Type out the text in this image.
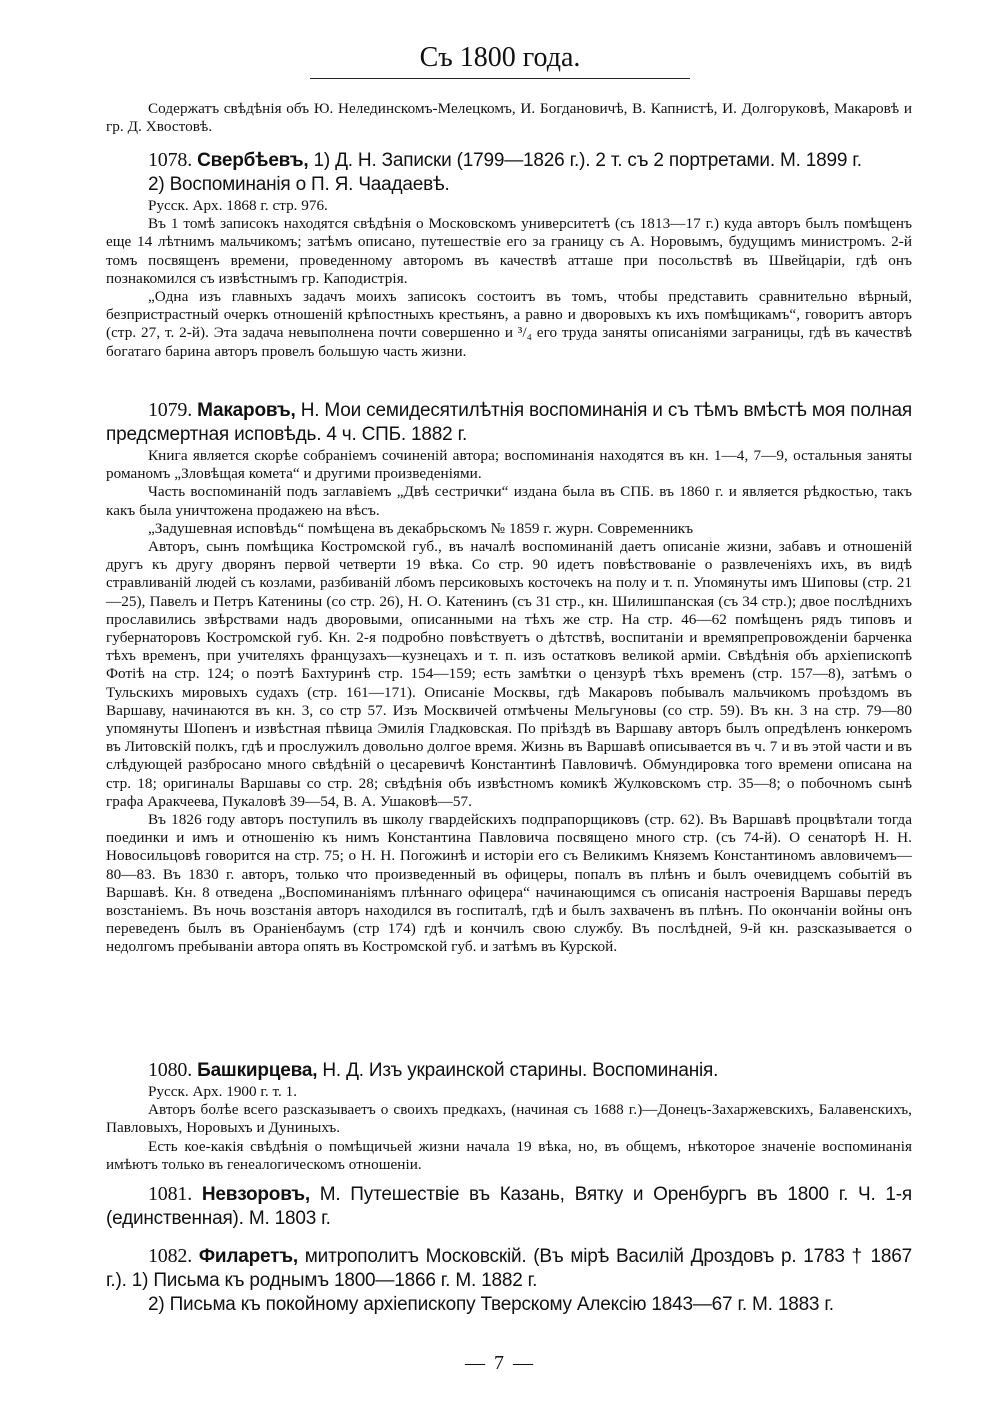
Съ 1800 года.

Содержатъ свѣдѣнія объ Ю. Нелединскомъ-Мелецкомъ, И. Богдановичѣ, В. Капнистѣ, И. Долгоруковѣ, Макаровѣ и гр. Д. Хвостовѣ.

1078. Свербѣевъ, 1) Д. Н. Записки (1799—1826 г.). 2 т. съ 2 портретами. М. 1899 г.

2) Воспоминанія о П. Я. Чаадаевѣ.

Русск. Арх. 1868 г. стр. 976.

Въ 1 томѣ записокъ находятся свѣдѣнія о Московскомъ университетѣ (съ 1813—17 г.) куда авторъ былъ помѣщенъ еще 14 лѣтнимъ мальчикомъ; затѣмъ описано, путешествіе его за границу съ А. Норовымъ, будущимъ министромъ. 2-й томъ посвященъ времени, проведенному авторомъ въ качествѣ атташе при посольствѣ въ Швейцаріи, гдѣ онъ познакомился съ извѣстнымъ гр. Каподистрія.

„Одна изъ главныхъ задачъ моихъ записокъ состоитъ въ томъ, чтобы представить сравнительно вѣрный, безпристрастный очеркъ отношеній крѣпостныхъ крестьянъ, а равно и дворовыхъ къ ихъ помѣщикамъ“, говоритъ авторъ (стр. 27, т. 2-й). Эта задача невыполнена почти совершенно и ³/₄ его труда заняты описаніями заграницы, гдѣ въ качествѣ богатаго барина авторъ провелъ большую часть жизни.

1079. Макаровъ, Н. Мои семидесятилѣтнія воспоминанія и съ тѣмъ вмѣстѣ моя полная предсмертная исповѣдь. 4 ч. СПБ. 1882 г.

Книга является скорѣе собраніемъ сочиненій автора; воспоминанія находятся въ кн. 1—4, 7—9, остальныя заняты романомъ „Зловѣщая комета“ и другими произведеніями.

Часть воспоминаній подъ заглавіемъ „Двѣ сестрички“ издана была въ СПБ. въ 1860 г. и является рѣдкостью, такъ какъ была уничтожена продажею на вѣсъ.

„Задушевная исповѣдь“ помѣщена въ декабрьскомъ № 1859 г. журн. Современникъ

Авторъ, сынъ помѣщика Костромской губ., въ началѣ воспоминаній даетъ описаніе жизни, забавъ и отношеній другъ къ другу дворянъ первой четверти 19 вѣка. Со стр. 90 идетъ повѣствованіе о развлеченіяхъ ихъ, въ видѣ стравливаній людей съ козлами, разбиваній лбомъ персиковыхъ косточекъ на полу и т. п. Упомянуты имъ Шиповы (стр. 21—25), Павелъ и Петръ Катенины (со стр. 26), Н. О. Катенинъ (съ 31 стр., кн. Шилишпанская (съ 34 стр.); двое послѣднихъ прославились звѣрствами надъ дворовыми, описанными на тѣхъ же стр. На стр. 46—62 помѣщенъ рядъ типовъ и губернаторовъ Костромской губ. Кн. 2-я подробно повѣствуетъ о дѣтствѣ, воспитаніи и времяпрепровожденіи барченка тѣхъ временъ, при учителяхъ французахъ—кузнецахъ и т. п. изъ остатковъ великой арміи. Свѣдѣнія объ архіепископѣ Фотіѣ на стр. 124; о поэтѣ Бахтуринѣ стр. 154—159; есть замѣтки о цензурѣ тѣхъ временъ (стр. 157—8), затѣмъ о Тульскихъ мировыхъ судахъ (стр. 161—171). Описаніе Москвы, гдѣ Макаровъ побывалъ мальчикомъ проѣздомъ въ Варшаву, начинаются въ кн. 3, со стр 57. Изъ Москвичей отмѣчены Мельгуновы (со стр. 59). Въ кн. 3 на стр. 79—80 упомянуты Шопенъ и извѣстная пѣвица Эмилія Гладковская. По пріѣздѣ въ Варшаву авторъ былъ опредѣленъ юнкеромъ въ Литовскій полкъ, гдѣ и прослужилъ довольно долгое время. Жизнь въ Варшавѣ описывается въ ч. 7 и въ этой части и въ слѣдующей разбросано много свѣдѣній о цесаревичѣ Константинѣ Павловичѣ. Обмундировка того времени описана на стр. 18; оригиналы Варшавы со стр. 28; свѣдѣнія объ извѣстномъ комикѣ Жулковскомъ стр. 35—8; о побочномъ сынѣ графа Аракчеева, Пукаловѣ 39—54, В. А. Ушаковѣ—57.

Въ 1826 году авторъ поступилъ въ школу гвардейскихъ подпрапорщиковъ (стр. 62). Въ Варшавѣ процвѣтали тогда поединки и имъ и отношенію къ нимъ Константина Павловича посвящено много стр. (съ 74-й). О сенаторѣ Н. Н. Новосильцовѣ говорится на стр. 75; о Н. Н. Погожинѣ и исторіи его съ Великимъ Княземъ Константиномъ авловичемъ—80—83. Въ 1830 г. авторъ, только что произведенный въ офицеры, попалъ въ плѣнъ и былъ очевидцемъ событій въ Варшавѣ. Кн. 8 отведена „Воспоминаніямъ плѣннаго офицера“ начинающимся съ описанія настроенія Варшавы передъ возстаніемъ. Въ ночь возстанія авторъ находился въ госпиталѣ, гдѣ и былъ захваченъ въ плѣнъ. По окончаніи войны онъ переведенъ былъ въ Ораніенбаумъ (стр 174) гдѣ и кончилъ свою службу. Въ послѣдней, 9-й кн. разсказывается о недолгомъ пребываніи автора опять въ Костромской губ. и затѣмъ въ Курской.

1080. Башкирцева, Н. Д. Изъ украинской старины. Воспоминанія.

Русск. Арх. 1900 г. т. 1.

Авторъ болѣе всего разсказываетъ о своихъ предкахъ, (начиная съ 1688 г.)—Донецъ-Захаржевскихъ, Балавенскихъ, Павловыхъ, Норовыхъ и Дуниныхъ.

Есть кое-какія свѣдѣнія о помѣщичьей жизни начала 19 вѣка, но, въ общемъ, нѣкоторое значеніе воспоминанія имѣютъ только въ генеалогическомъ отношеніи.

1081. Невзоровъ, М. Путешествіе въ Казань, Вятку и Оренбургъ въ 1800 г. Ч. 1-я (единственная). М. 1803 г.

1082. Филаретъ, митрополитъ Московскій. (Въ мірѣ Василій Дроздовъ р. 1783 † 1867 г.). 1) Письма къ роднымъ 1800—1866 г. М. 1882 г.

2) Письма къ покойному архіепископу Тверскому Алексію 1843—67 г. М. 1883 г.

— 7 —
